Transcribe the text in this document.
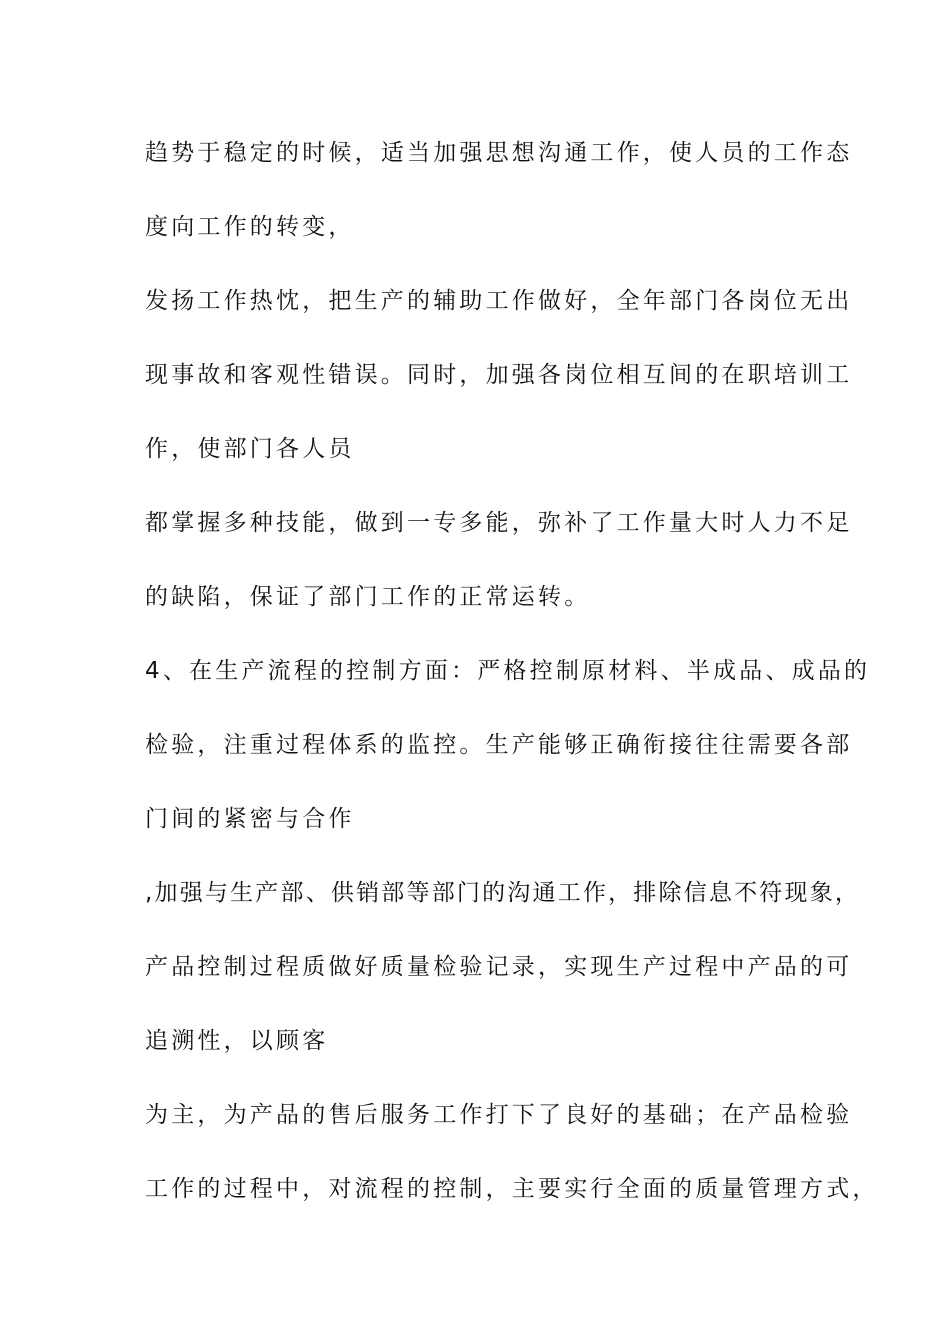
趋势于稳定的时候，适当加强思想沟通工作，使人员的工作态
度向工作的转变，
发扬工作热忱，把生产的辅助工作做好，全年部门各岗位无出
现事故和客观性错误。同时，加强各岗位相互间的在职培训工
作，使部门各人员
都掌握多种技能，做到一专多能，弥补了工作量大时人力不足
的缺陷，保证了部门工作的正常运转。
4、在生产流程的控制方面：严格控制原材料、半成品、成品的
检验，注重过程体系的监控。生产能够正确衔接往往需要各部
门间的紧密与合作
,加强与生产部、供销部等部门的沟通工作，排除信息不符现象，
产品控制过程质做好质量检验记录，实现生产过程中产品的可
追溯性，以顾客
为主，为产品的售后服务工作打下了良好的基础；在产品检验
工作的过程中，对流程的控制，主要实行全面的质量管理方式，
